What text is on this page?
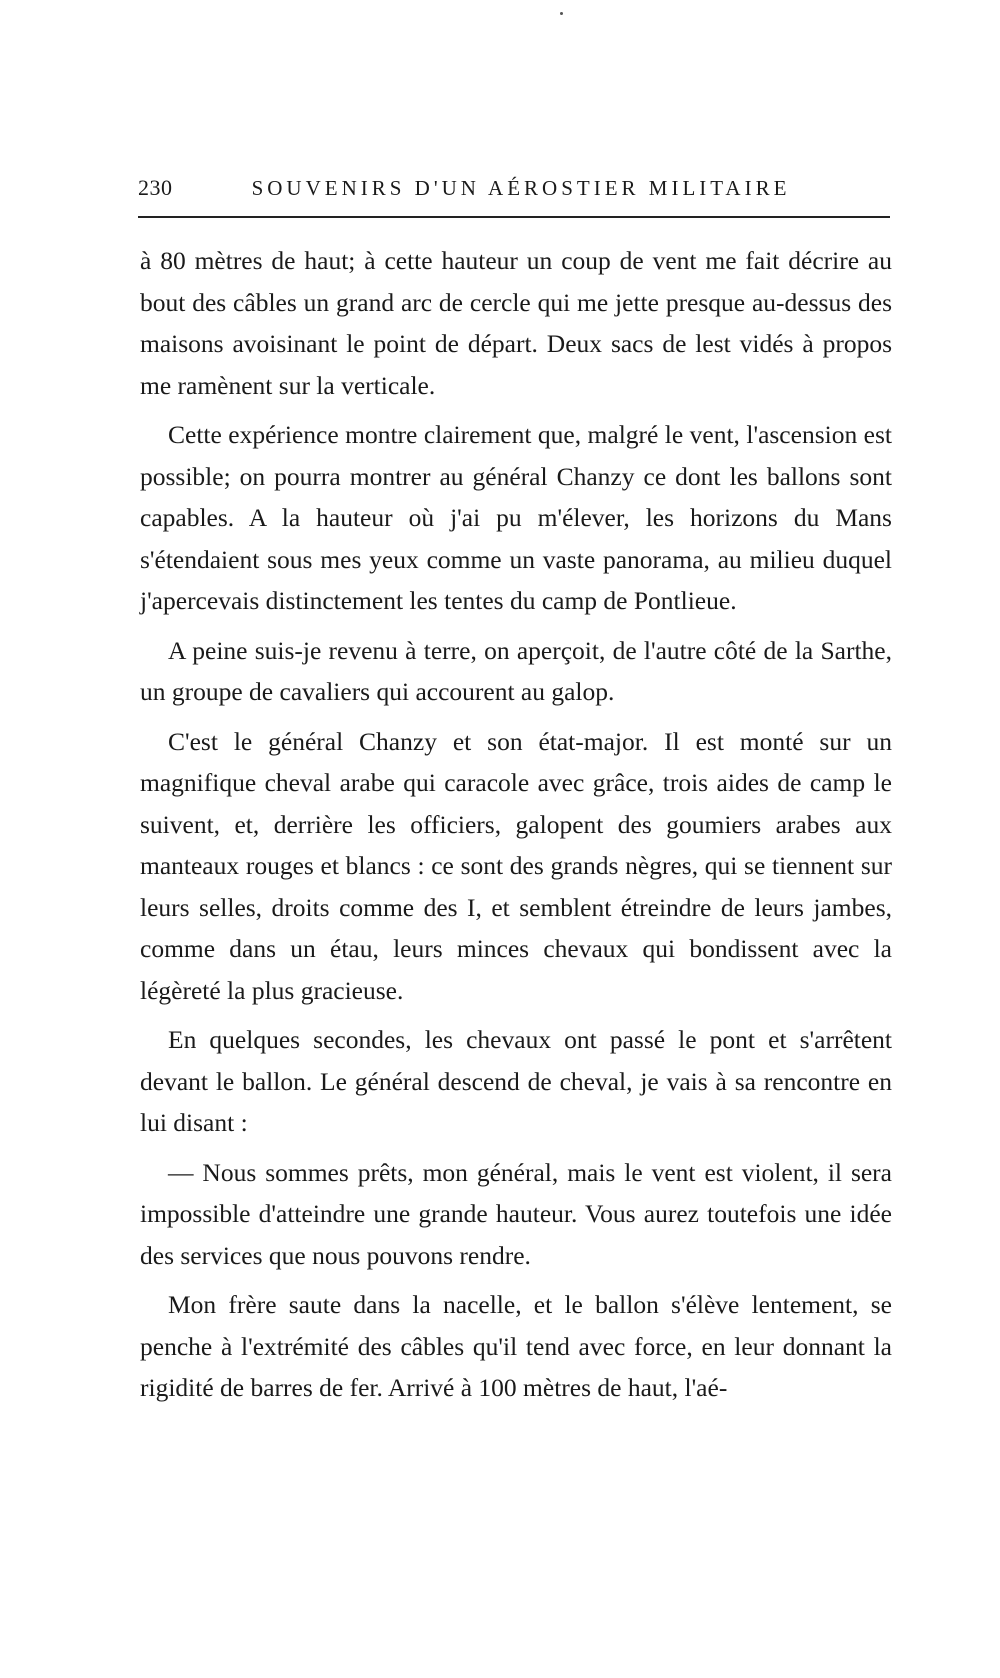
230	SOUVENIRS D'UN AÉROSTIER MILITAIRE

à 80 mètres de haut; à cette hauteur un coup de vent me fait décrire au bout des câbles un grand arc de cercle qui me jette presque au-dessus des maisons avoisinant le point de départ. Deux sacs de lest vidés à propos me ramènent sur la verticale.

Cette expérience montre clairement que, malgré le vent, l'ascension est possible; on pourra montrer au général Chanzy ce dont les ballons sont capables. A la hauteur où j'ai pu m'élever, les horizons du Mans s'étendaient sous mes yeux comme un vaste panorama, au milieu duquel j'apercevais distinctement les tentes du camp de Pontlieue.

A peine suis-je revenu à terre, on aperçoit, de l'autre côté de la Sarthe, un groupe de cavaliers qui accourent au galop.

C'est le général Chanzy et son état-major. Il est monté sur un magnifique cheval arabe qui caracole avec grâce, trois aides de camp le suivent, et, derrière les officiers, galopent des goumiers arabes aux manteaux rouges et blancs : ce sont des grands nègres, qui se tiennent sur leurs selles, droits comme des I, et semblent étreindre de leurs jambes, comme dans un étau, leurs minces chevaux qui bondissent avec la légèreté la plus gracieuse.

En quelques secondes, les chevaux ont passé le pont et s'arrêtent devant le ballon. Le général descend de cheval, je vais à sa rencontre en lui disant :

— Nous sommes prêts, mon général, mais le vent est violent, il sera impossible d'atteindre une grande hauteur. Vous aurez toutefois une idée des services que nous pouvons rendre.

Mon frère saute dans la nacelle, et le ballon s'élève lentement, se penche à l'extrémité des câbles qu'il tend avec force, en leur donnant la rigidité de barres de fer. Arrivé à 100 mètres de haut, l'aé-
